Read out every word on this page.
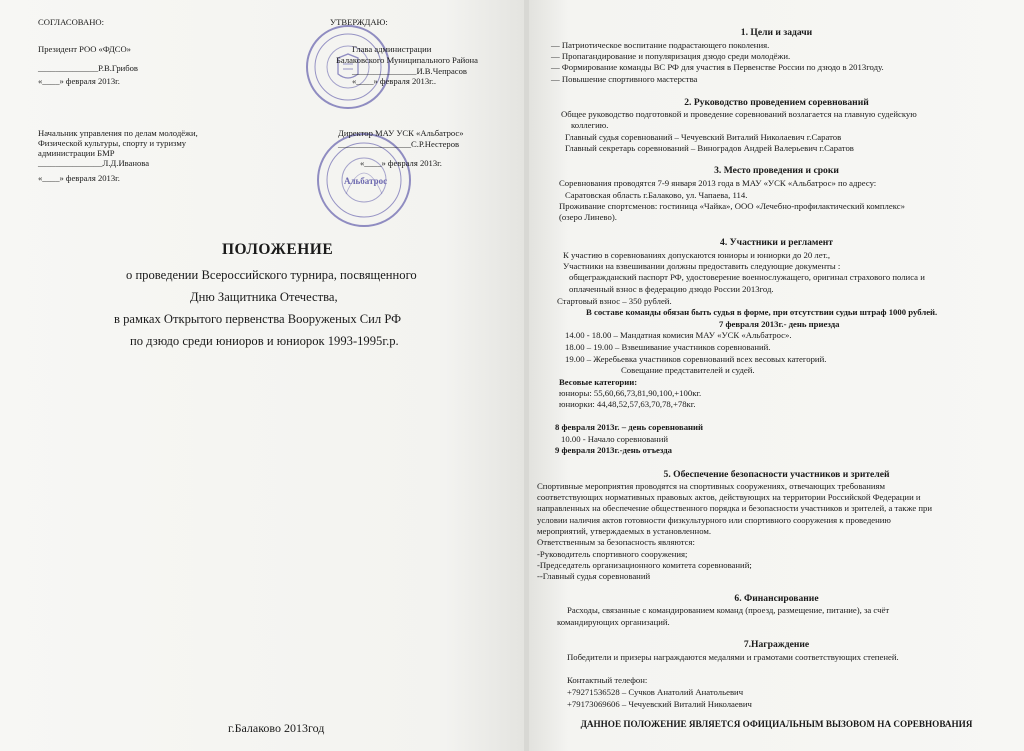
СОГЛАСОВАНО:	УТВЕРЖДАЮ:
Президент РОО «ФДСО»
______________Р.В.Грибов
«____» февраля 2013г.
Глава администрации
Балаковского Муниципального Района
_______________И.В.Чепрасов
«____» февраля 2013г..
Начальник управления по делам молодёжи,
Физической культуры, спорту и туризму
администрации БМР
_______________Л.Д.Иванова
«____» февраля 2013г.	Альбатрос
Директор МАУ УСК «Альбатрос»
_________________С.Р.Нестеров
«____» февраля 2013г.
ПОЛОЖЕНИЕ
о проведении Всероссийского турнира, посвященного
Дню Защитника Отечества,
в рамках Открытого первенства Вооруженых Сил РФ
по дзюдо среди юниоров и юниорок 1993-1995г.р.
г.Балаково 2013год
1. Цели и задачи
— Патриотическое воспитание подрастающего поколения.
— Пропагандирование и популяризация дзюдо среди молодёжи.
— Формирование команды ВС РФ для участия в Первенстве России по дзюдо в 2013году.
— Повышение спортивного мастерства
2. Руководство проведением соревнований
Общее руководство подготовкой и проведение соревнований возлагается на главную судейскую
коллегию.
Главный судья соревнований – Чечуевский Виталий Николаевич г.Саратов
Главный секретарь соревнований – Виноградов Андрей Валерьевич г.Саратов
3. Место проведения и сроки
Соревнования проводятся 7-9 января 2013 года в МАУ «УСК «Альбатрос» по адресу:
Саратовская область г.Балаково, ул. Чапаева, 114.
Проживание спортсменов: гостиница «Чайка», ООО «Лечебно-профилактический комплекс»
(озеро Линево).
4. Участники и регламент
К участию в соревнованиях допускаются юниоры и юниорки до 20 лет.,
Участники на взвешивании должны предоставить следующие документы :
общегражданский паспорт РФ, удостоверение военнослужащего, оригинал страхового полиса и
оплаченный взнос в федерацию дзюдо России 2013год.
Стартовый взнос – 350 рублей.
В составе команды обязан быть судья в форме, при отсутствии судьи штраф 1000 рублей.
7 февраля 2013г.- день приезда
14.00 - 18.00 – Мандатная комисия МАУ «УСК «Альбатрос».
18.00 – 19.00 – Взвешивание участников соревнований.
19.00 – Жеребьевка участников соревнований всех весовых категорий.
Совещание представителей и судей.
Весовые категории:
юниоры: 55,60,66,73,81,90,100,+100кг.
юниорки: 44,48,52,57,63,70,78,+78кг.
8 февраля 2013г. – день соревнований
10.00 - Начало соревнований
9 февраля 2013г.-день отъезда
5. Обеспечение безопасности участников и зрителей
Спортивные мероприятия проводятся на спортивных сооружениях, отвечающих требованиям
соответствующих нормативных правовых актов, действующих на территории Российской Федерации и
направленных на обеспечение общественного порядка и безопасности участников и зрителей, а также при
условии наличия актов готовности физкультурного или спортивного сооружения к проведению
мероприятий, утверждаемых в установленном.
Ответственным за безопасность являются:
-Руководитель спортивного сооружения;
-Председатель организационного комитета соревнований;
--Главный судья соревнований
6. Финансирование
Расходы, связанные с командированием команд (проезд, размещение, питание), за счёт
командирующих организаций.
7.Награждение
Победители и призеры награждаются медалями и грамотами соответствующих степеней.
Контактный телефон:
+79271536528 – Сучков Анатолий Анатольевич
+79173069606 – Чечуевский Виталий Николаевич
ДАННОЕ ПОЛОЖЕНИЕ ЯВЛЯЕТСЯ ОФИЦИАЛЬНЫМ ВЫЗОВОМ НА СОРЕВНОВАНИЯ
